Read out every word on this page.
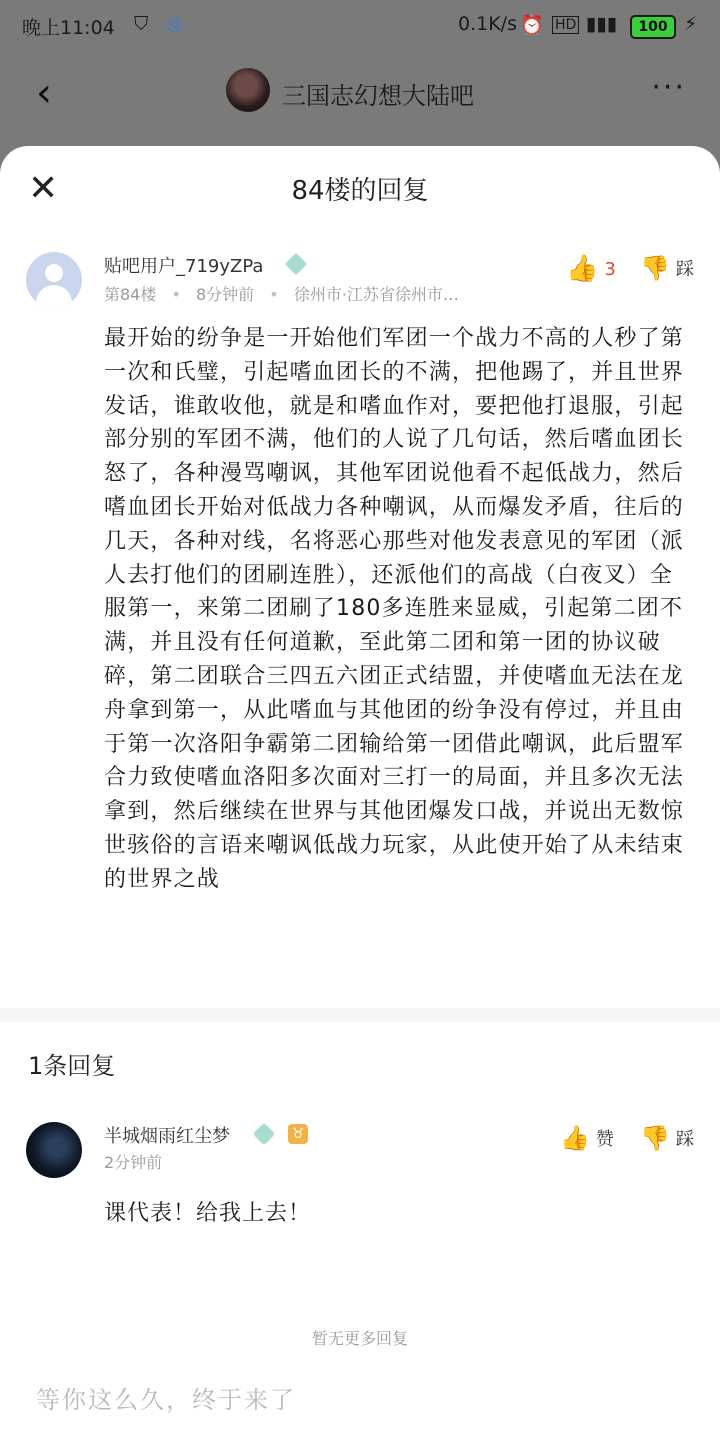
晚上11:04 ⛉ ◎	0.1K/s ⏰ HD ▮▮▮	100 ⚡
‹	三国志幻想大陆吧	···
✕	84楼的回复
贴吧用户_719yZPa
第84楼 • 8分钟前 • 徐州市·江苏省徐州市…
👍 3 👍 踩
最开始的纷争是一开始他们军团一个战力不高的人秒了第一次和氏璧，引起嗜血团长的不满，把他踢了，并且世界发话，谁敢收他，就是和嗜血作对，要把他打退服，引起部分别的军团不满，他们的人说了几句话，然后嗜血团长怒了，各种漫骂嘲讽，其他军团说他看不起低战力，然后嗜血团长开始对低战力各种嘲讽，从而爆发矛盾，往后的几天，各种对线，名将恶心那些对他发表意见的军团（派人去打他们的团刷连胜），还派他们的高战（白夜叉）全服第一，来第二团刷了180多连胜来显威，引起第二团不满，并且没有任何道歉，至此第二团和第一团的协议破碎，第二团联合三四五六团正式结盟，并使嗜血无法在龙舟拿到第一，从此嗜血与其他团的纷争没有停过，并且由于第一次洛阳争霸第二团输给第一团借此嘲讽，此后盟军合力致使嗜血洛阳多次面对三打一的局面，并且多次无法拿到，然后继续在世界与其他团爆发口战，并说出无数惊世骇俗的言语来嘲讽低战力玩家，从此使开始了从未结束的世界之战
1条回复
半城烟雨红尘梦	♉
2分钟前
👍 赞 👍 踩
课代表！给我上去！
暂无更多回复
等你这么久，终于来了
